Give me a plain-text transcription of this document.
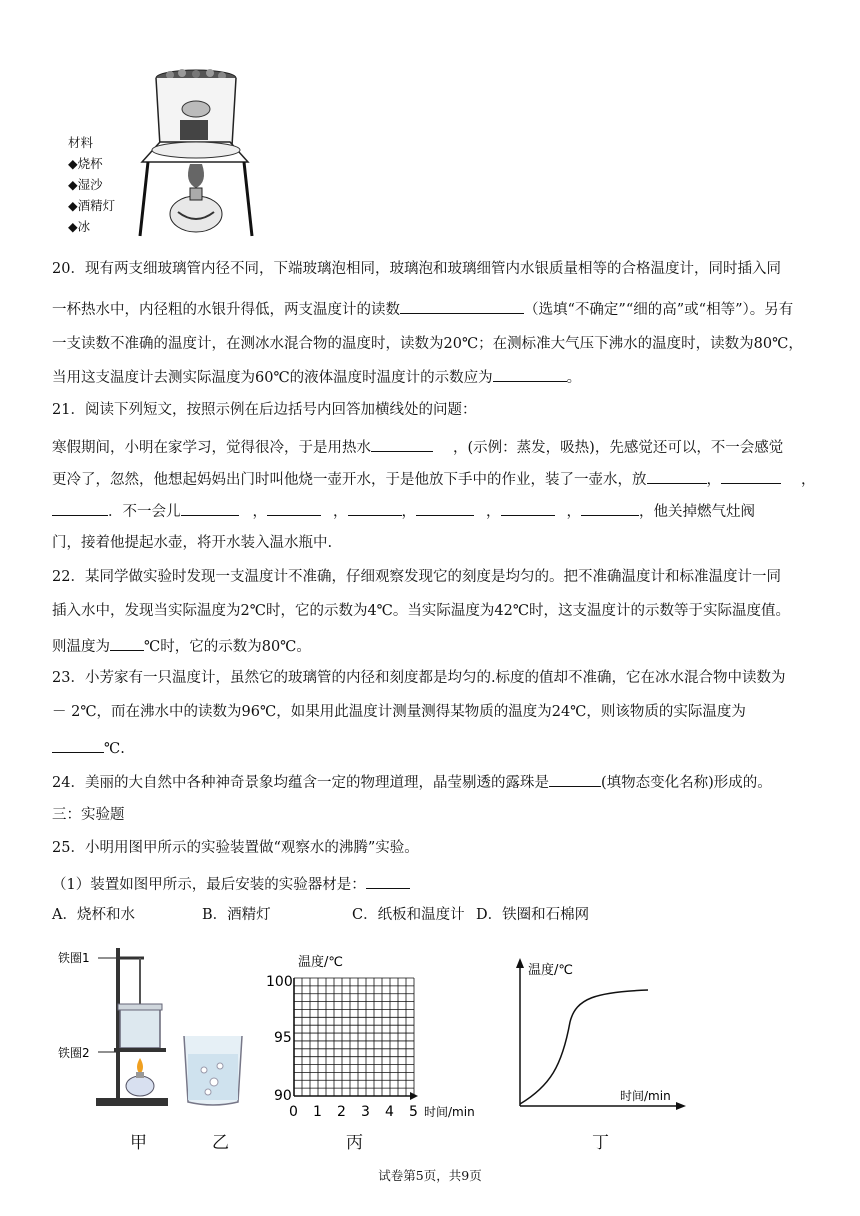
材料
◆烧杯
◆湿沙
◆酒精灯
◆冰
20．现有两支细玻璃管内径不同，下端玻璃泡相同，玻璃泡和玻璃细管内水银质量相等的合格温度计，同时插入同
一杯热水中，内径粗的水银升得低，两支温度计的读数	（选填“不确定”“细的高”或“相等”）。另有
一支读数不准确的温度计，在测冰水混合物的温度时，读数为20℃；在测标准大气压下沸水的温度时，读数为80℃，
当用这支温度计去测实际温度为60℃的液体温度时温度计的示数应为	。
21．阅读下列短文，按照示例在后边括号内回答加横线处的问题：
寒假期间，小明在家学习，觉得很冷，于是用热水	，(示例：蒸发，吸热)，先感觉还可以，不一会感觉
更冷了，忽然，他想起妈妈出门时叫他烧一壶开水，于是他放下手中的作业，装了一壶水，放	，	，
．不一会儿	，	，	，	，	，	，他关掉燃气灶阀
门，接着他提起水壶，将开水装入温水瓶中.
22．某同学做实验时发现一支温度计不准确，仔细观察发现它的刻度是均匀的。把不准确温度计和标准温度计一同
插入水中，发现当实际温度为2℃时，它的示数为4℃。当实际温度为42℃时，这支温度计的示数等于实际温度值。
则温度为 ℃时，它的示数为80℃。
23．小芳家有一只温度计，虽然它的玻璃管的内径和刻度都是均匀的.标度的值却不准确，它在冰水混合物中读数为
－ 2℃，而在沸水中的读数为96℃，如果用此温度计测量测得某物质的温度为24℃，则该物质的实际温度为
℃.
24．美丽的大自然中各种神奇景象均蕴含一定的物理道理，晶莹剔透的露珠是	(填物态变化名称)形成的。
三：实验题
25．小明用图甲所示的实验装置做“观察水的沸腾”实验。
（1）装置如图甲所示，最后安装的实验器材是：
A．烧杯和水	B．酒精灯	C．纸板和温度计 D．铁圈和石棉网
铁圈1
铁圈2
温度/℃
100
95
90
0 1 2 3 4 5 时间/min
温度/℃
时间/min
甲	乙	丙	丁
试卷第5页，共9页
